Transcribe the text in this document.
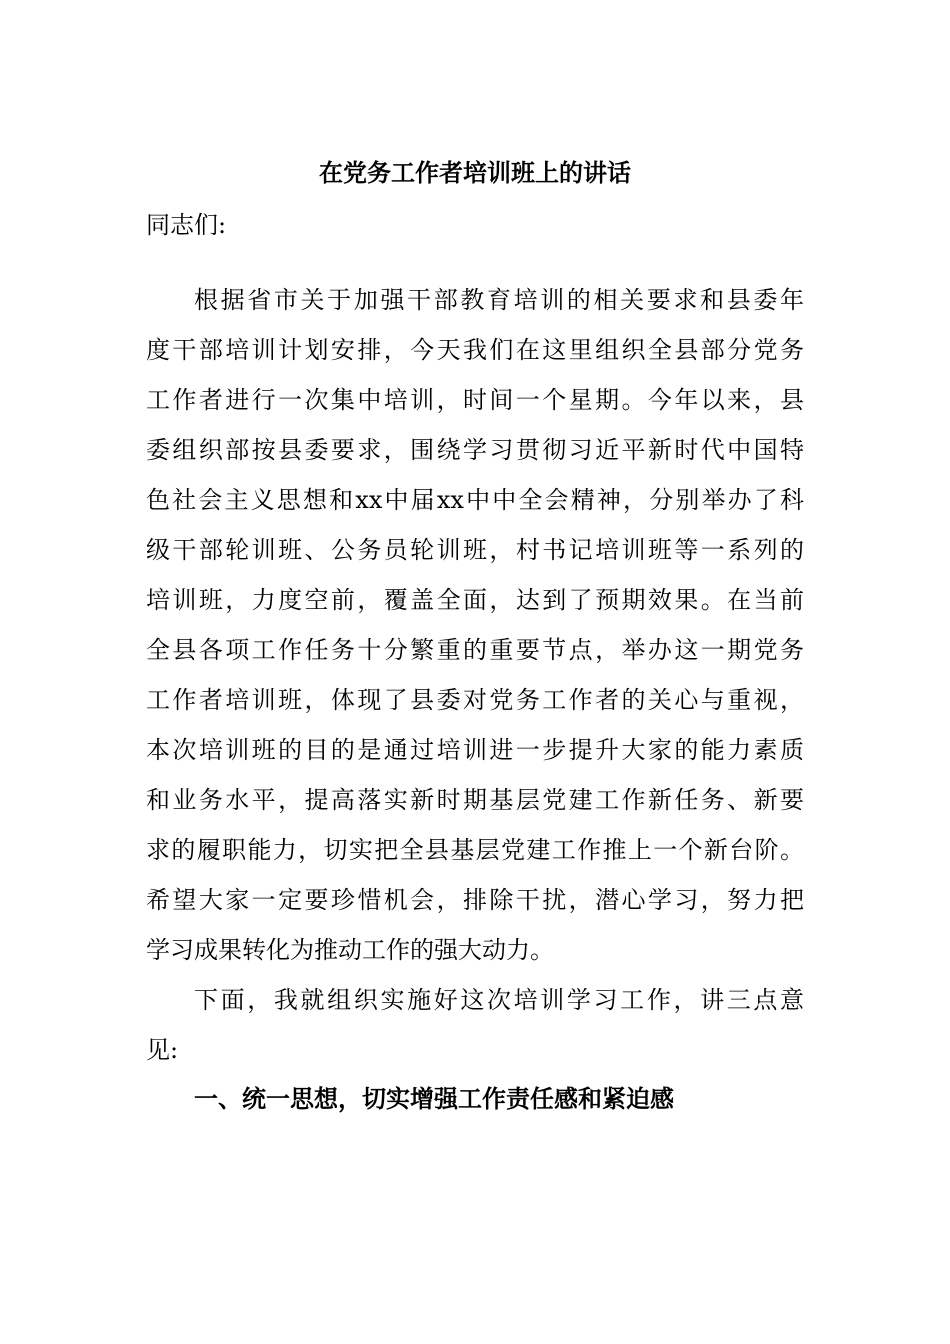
在党务工作者培训班上的讲话
同志们:
根据省市关于加强干部教育培训的相关要求和县委年
度干部培训计划安排，今天我们在这里组织全县部分党务
工作者进行一次集中培训，时间一个星期。今年以来，县
委组织部按县委要求，围绕学习贯彻习近平新时代中国特
色社会主义思想和xx中届xx中中全会精神，分别举办了科
级干部轮训班、公务员轮训班，村书记培训班等一系列的
培训班，力度空前，覆盖全面，达到了预期效果。在当前
全县各项工作任务十分繁重的重要节点，举办这一期党务
工作者培训班，体现了县委对党务工作者的关心与重视，
本次培训班的目的是通过培训进一步提升大家的能力素质
和业务水平，提高落实新时期基层党建工作新任务、新要
求的履职能力，切实把全县基层党建工作推上一个新台阶。
希望大家一定要珍惜机会，排除干扰，潜心学习，努力把
学习成果转化为推动工作的强大动力。
下面，我就组织实施好这次培训学习工作，讲三点意
见:
一、统一思想，切实增强工作责任感和紧迫感
